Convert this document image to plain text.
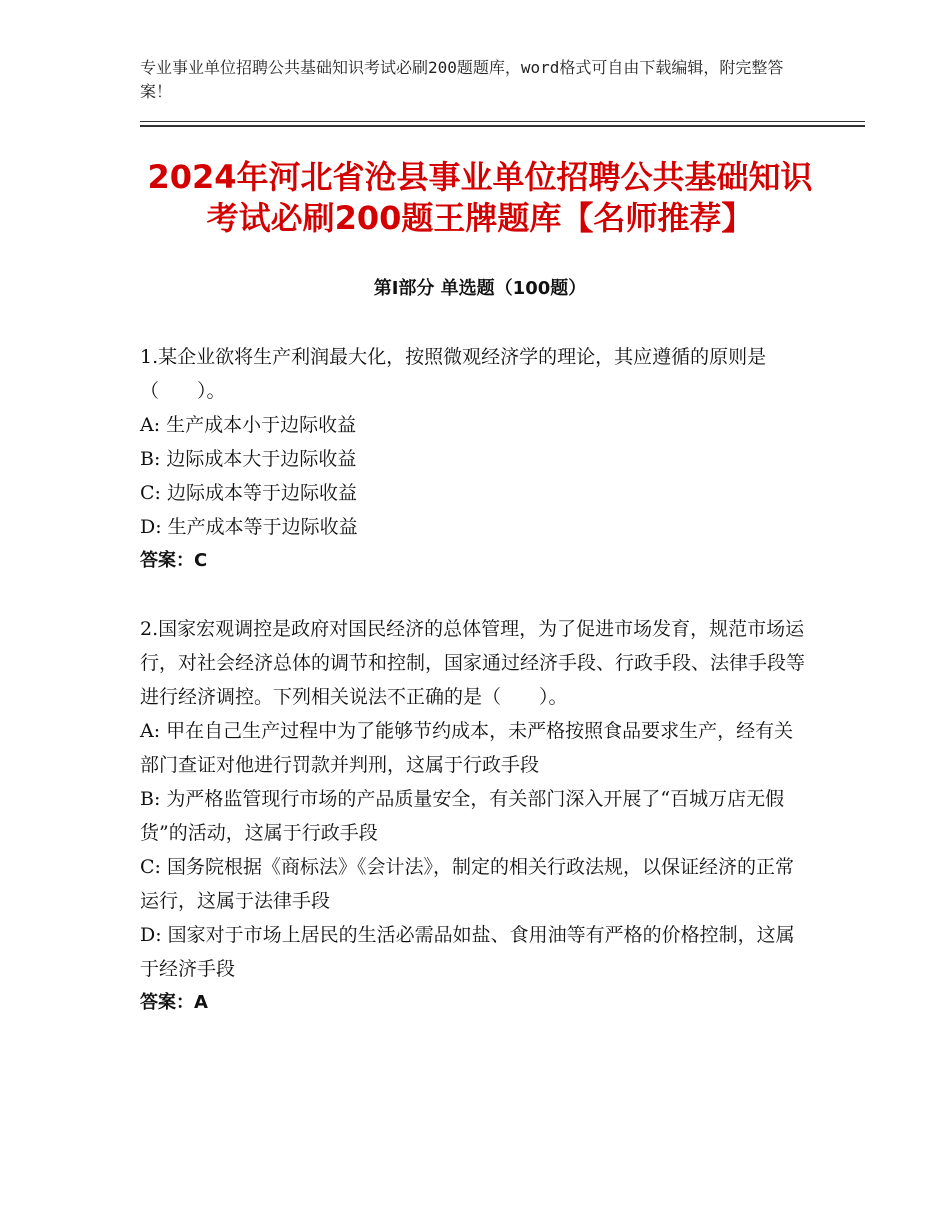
专业事业单位招聘公共基础知识考试必刷200题题库，word格式可自由下载编辑，附完整答案！
2024年河北省沧县事业单位招聘公共基础知识考试必刷200题王牌题库【名师推荐】
第Ⅰ部分 单选题（100题）

1.某企业欲将生产利润最大化，按照微观经济学的理论，其应遵循的原则是（　　）。

A: 生产成本小于边际收益

B: 边际成本大于边际收益

C: 边际成本等于边际收益

D: 生产成本等于边际收益

答案：C

2.国家宏观调控是政府对国民经济的总体管理，为了促进市场发育，规范市场运行，对社会经济总体的调节和控制，国家通过经济手段、行政手段、法律手段等进行经济调控。下列相关说法不正确的是（　　）。

A: 甲在自己生产过程中为了能够节约成本，未严格按照食品要求生产，经有关部门查证对他进行罚款并判刑，这属于行政手段

B: 为严格监管现行市场的产品质量安全，有关部门深入开展了“百城万店无假货”的活动，这属于行政手段

C: 国务院根据《商标法》《会计法》，制定的相关行政法规，以保证经济的正常运行，这属于法律手段

D: 国家对于市场上居民的生活必需品如盐、食用油等有严格的价格控制，这属于经济手段

答案：A
